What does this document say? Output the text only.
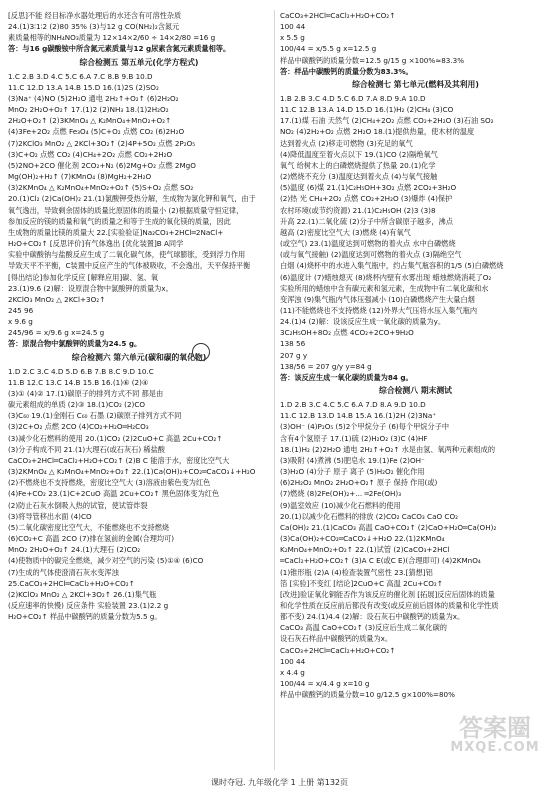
[反思]不能 经目标净水器处理后的水还含有可溶性杂质
24.(1)3∶1∶2 (2)80 35% (3)与12 g CO(NH₂)₂含氮元
素质量相等的NH₄NO₃质量为 12×14×2/60 ÷ 14×2/80 =16 g
答：与16 g碳酸铵中所含氮元素质量与12 g尿素含氮元素质量相等。
综合检测五 第五单元(化学方程式)
1.C 2.B 3.D 4.C 5.C 6.A 7.C 8.B 9.B 10.D
11.C 12.D 13.A 14.B 15.D 16.(1)2S (2)SO₂
(3)Na⁺ (4)NO (5)2H₂O 通电 2H₂↑+O₂↑ (6)2H₂O₂
MnO₂ 2H₂O+O₂↑ 17.(1)2 (2)NH₃ 18.(1)2H₂O₂
2H₂O+O₂↑ (2)3KMnO₄ △ K₂MnO₄+MnO₂+O₂↑
(4)3Fe+2O₂ 点燃 Fe₃O₄ (5)C+O₂ 点燃 CO₂ (6)2H₂O
(7)2KClO₃ MnO₂ △ 2KCl+3O₂↑ (2)4P+5O₂ 点燃 2P₂O₅
(3)C+O₂ 点燃 CO₂ (4)CH₄+2O₂ 点燃 CO₂+2H₂O
(5)2NO+2CO 催化剂 2CO₂+N₂ (6)2Mg+O₂ 点燃 2MgO
Mg(OH)₂+H₂↑ (7)KMnO₄ (8)MgH₂+2H₂O
(3)2KMnO₄ △ K₂MnO₄+MnO₂+O₂↑ (5)S+O₂ 点燃 SO₂
20.(1)Cl₂ (2)Ca(OH)₂ 21.(1)氯酸钾受热分解，生成物为氯化钾和氧气，由于
氧气逸出，导致剩余固体的质量比原固体的质量小 (2)根据质量守恒定律，
参加反应的镁的质量和氧气的质量之和等于生成的氧化镁的质量，因此
生成物的质量比镁的质量大 22.[实验验证]Na₂CO₃+2HCl═2NaCl+
H₂O+CO₂↑ [反思评价]有气体逸出 [优化装置]B A同学
实验中碳酸钠与盐酸反应生成了二氧化碳气体，使气球膨胀，受到浮力作用
导致天平不平衡，C装置中反应产生的气体被吸收，不会逸出，天平保持平衡
[得出结论]参加化学反应 [解释应用]碳、氢、氧
23.(1)9.6 (2)解：设原混合物中氯酸钾的质量为x。
2KClO₃ MnO₂ △ 2KCl+3O₂↑
245 96
x 9.6 g
245/96 = x/9.6 g x=24.5 g
答：原混合物中氯酸钾的质量为24.5 g。
综合检测六 第六单元(碳和碳的氧化物)
1.D 2.C 3.C 4.D 5.D 6.B 7.B 8.C 9.D 10.C
11.B 12.C 13.C 14.B 15.B 16.(1)⑥ (2)④
(3)① (4)② 17.(1)碳原子的排列方式不同 都是由
碳元素组成的单质 (2)③ 18.(1)CO₂ (2)CO
(3)C₆₀ 19.(1)金刚石 C₆₀ 石墨 (2)碳原子排列方式不同
(3)2C+O₂ 点燃 2CO (4)CO₂+H₂O═H₂CO₃
(3)减少化石燃料的使用 20.(1)CO₂ (2)2CuO+C 高温 2Cu+CO₂↑
(3)分子构成不同 21.(1)大理石(或石灰石) 稀盐酸
CaCO₃+2HCl═CaCl₂+H₂O+CO₂↑ (2)B C 能溶于水，密度比空气大
(3)2KMnO₄ △ K₂MnO₄+MnO₂+O₂↑ 22.(1)Ca(OH)₂+CO₂═CaCO₃↓+H₂O
(2)不燃烧也不支持燃烧，密度比空气大 (3)溶液由紫色变为红色
(4)Fe+CO₂ 23.(1)C+2CuO 高温 2Cu+CO₂↑ 黑色固体变为红色
(2)防止石灰水倒吸入热的试管，使试管炸裂
(3)将导管移出水面 (4)CO
(5)二氧化碳密度比空气大，不能燃烧也不支持燃烧
(6)CO₂+C 高温 2CO (7)排在氢前的金属(合理均可)
MnO₂ 2H₂O+O₂↑ 24.(1)大理石 (2)CO₂
(4)使物质中的碳完全燃烧，减少对空气的污染 (5)①④ (6)CO
(7)生成的气体使澄清石灰水变浑浊
25.CaCO₃+2HCl═CaCl₂+H₂O+CO₂↑
(2)KClO₃ MnO₂ △ 2KCl+3O₂↑ 26.(1)集气瓶
(反应速率的快慢) 反应条件 实验装置 23.(1)2.2 g
H₂O+CO₂↑ 样品中碳酸钙的质量分数为5.5 g。
CaCO₃+2HCl═CaCl₂+H₂O+CO₂↑
100 44
x 5.5 g
100/44 = x/5.5 g x=12.5 g
样品中碳酸钙的质量分数=12.5 g/15 g ×100%≈83.3%
答：样品中碳酸钙的质量分数为83.3%。
综合检测七 第七单元(燃料及其利用)
1.B 2.B 3.C 4.D 5.C 6.D 7.A 8.D 9.A 10.D
11.C 12.B 13.A 14.D 15.D 16.(1)H₂ (2)CH₄ (3)CO
17.(1)煤 石油 天然气 (2)CH₄+2O₂ 点燃 CO₂+2H₂O (3)石油 SO₂
NO₂ (4)2H₂+O₂ 点燃 2H₂O 18.(1)提供热量，使木材的温度
达到着火点 (2)移走可燃物 (3)充足的氧气
(4)降低温度至着火点以下 19.(1)CO (2)隔绝氧气
氧气 给树木上的白磷燃烧提供了热量 20.(1)化学
(2)燃烧不充分 (3)温度达到着火点 (4)与氧气接触
(5)温度 (6)煤 21.(1)C₂H₅OH+3O₂ 点燃 2CO₂+3H₂O
(2)热 光 CH₄+2O₂ 点燃 CO₂+2H₂O (3)爆炸 (4)保护
农村环境(或节约资源) 21.(1)C₂H₅OH (2)3 (3)8
升高 22.(1)二氧化硫 (2)分子中所含碳原子越多，沸点
越高 (2)密度比空气大 (3)燃烧 (4)有氧气
(或空气) 23.(1)温度达到可燃物的着火点 水中白磷燃烧
(或与氧气接触) (2)温度达到可燃物的着火点 (3)隔绝空气
白烟 (4)烧杯中的水进入集气瓶中，约占集气瓶容积的1/5 (5)白磷燃烧
(6)温度计 (7)蜡烛熄灭 (8)烧杯内壁有水雾出现 蜡烛燃烧消耗了O₂
实验所用的蜡烛中含有碳元素和氢元素，生成物中有二氧化碳和水
变浑浊 (9)集气瓶内气体压强减小 (10)白磷燃烧产生大量白烟
(11)不能燃烧也不支持燃烧 (12)外界大气压将水压入集气瓶内
24.(1)4 (2)解：设该反应生成一氧化碳的质量为y。
3C₂H₅OH+8O₂ 点燃 4CO₂+2CO+9H₂O
138 56
207 g y
138/56 = 207 g/y y=84 g
答：该反应生成一氧化碳的质量为84 g。
综合检测八 期末测试
1.D 2.B 3.C 4.C 5.C 6.A 7.D 8.A 9.D 10.D
11.C 12.B 13.D 14.B 15.A 16.(1)2H (2)3Na⁺
(3)OH⁻ (4)P₂O₅ (5)2个甲烷分子 (6)每个甲烷分子中
含有4个氢原子 17.(1)硫 (2)H₂O₂ (3)C (4)HF
18.(1)H₂ (2)2H₂O 通电 2H₂↑+O₂↑ 水是由氢、氧两种元素组成的
(3)吸附 (4)煮沸 (5)肥皂水 19.(1)Fe (2)OH⁻
(3)H₂O (4)分子 原子 离子 (5)H₂O₂ 催化作用
(6)2H₂O₂ MnO₂ 2H₂O+O₂↑ 原子 保持 作用(或)
(7)燃烧 (8)2Fe(OH)₂+... ═2Fe(OH)₃
(9)温室效应 (10)减少化石燃料的使用
20.(1)以减少化石燃料的排放 (2)CO₂ CaCO₃ CaO CO₂
Ca(OH)₂ 21.(1)CaCO₃ 高温 CaO+CO₂↑ (2)CaO+H₂O═Ca(OH)₂
(3)Ca(OH)₂+CO₂═CaCO₃↓+H₂O 22.(1)2KMnO₄
K₂MnO₄+MnO₂+O₂↑ 22.(1)试管 (2)CaCO₃+2HCl
═CaCl₂+H₂O+CO₂↑ (3)A C E(或C E)(合理即可) (4)2KMnO₄
(1)锥形瓶 (2)A (4)检查装置气密性 23.[猜想]铝
箔 [实验]不变红 [结论]2CuO+C 高温 2Cu+CO₂↑
[改进]验证氧化铜能否作为该反应的催化剂 [拓展]反应后固体的质量
和化学性质在反应前后都没有改变(或反应前后固体的质量和化学性质
都不变) 24.(1)4.4 (2)解：设石灰石中碳酸钙的质量为x。
CaCO₃ 高温 CaO+CO₂↑ (3)反应后生成二氧化碳的
设石灰石样品中碳酸钙的质量为x。
CaCO₃+2HCl═CaCl₂+H₂O+CO₂↑
100 44
x 4.4 g
100/44 = x/4.4 g x=10 g
样品中碳酸钙的质量分数=10 g/12.5 g×100%=80%
答案圈
MXQE.COM
课时夺冠. 九年级化学 1 上册 第132页
